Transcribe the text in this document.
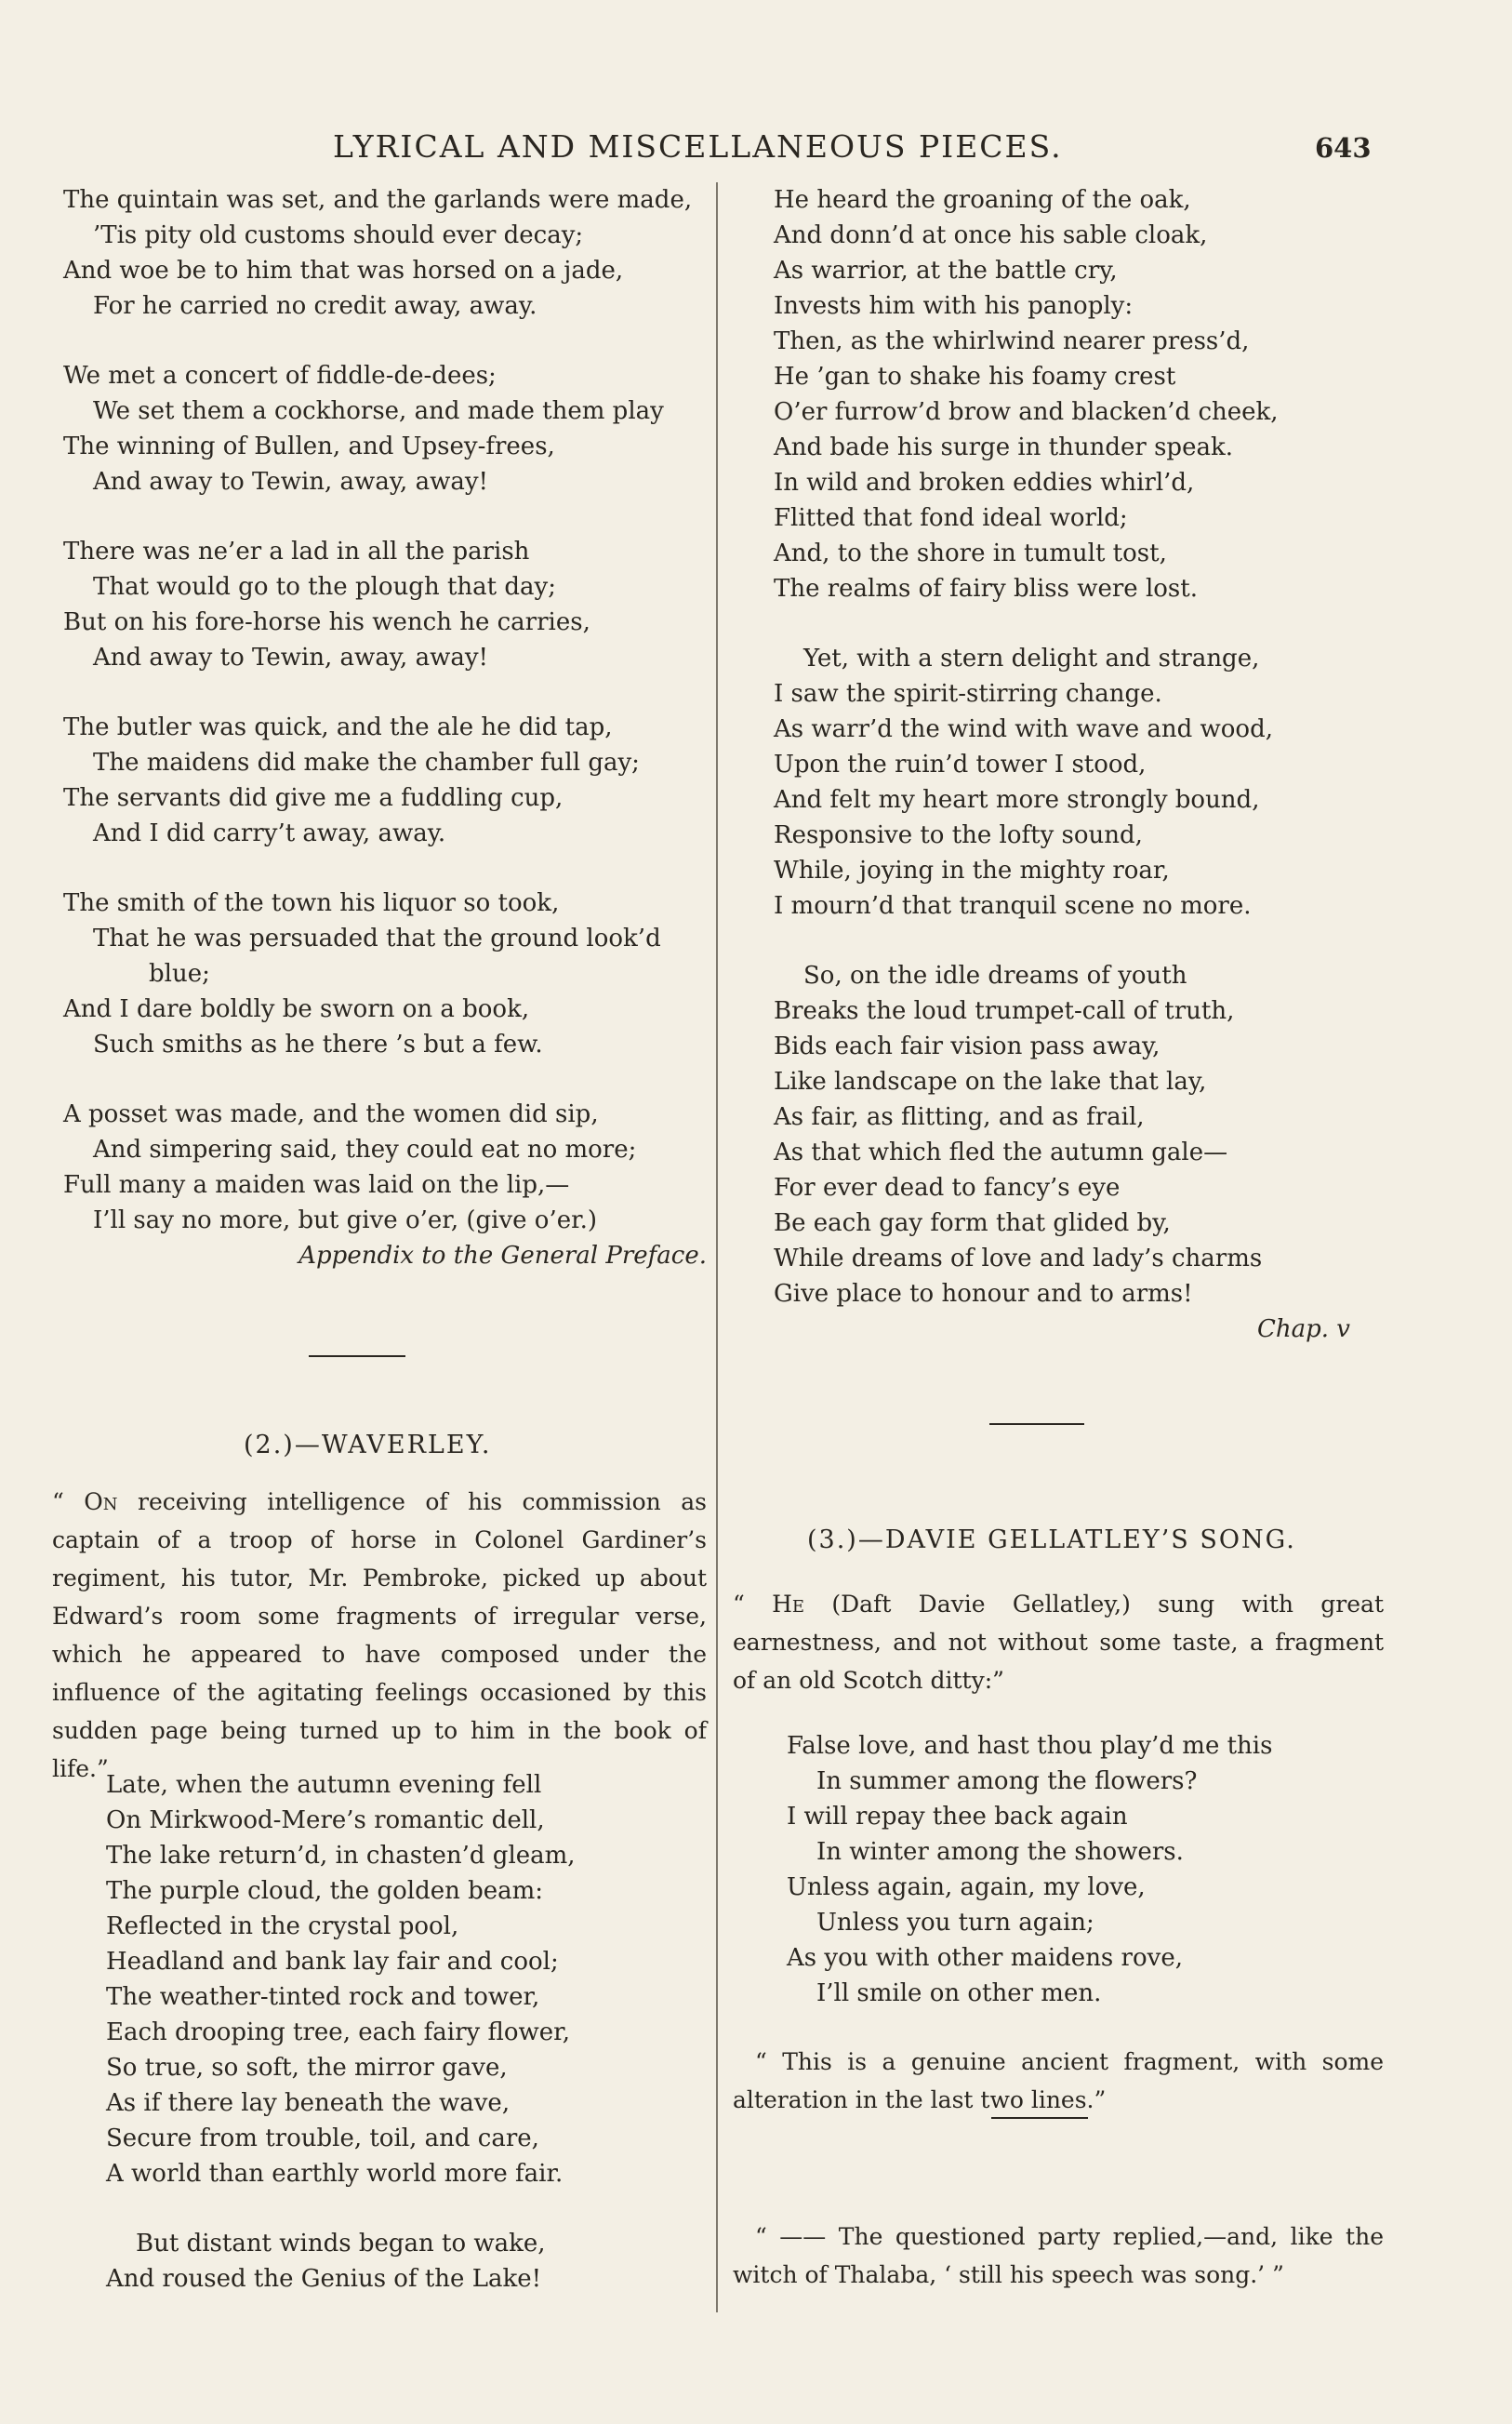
LYRICAL AND MISCELLANEOUS PIECES.	643
The quintain was set, and the garlands were made,
’Tis pity old customs should ever decay;
And woe be to him that was horsed on a jade,
For he carried no credit away, away.
We met a concert of fiddle-de-dees;
We set them a cockhorse, and made them play
The winning of Bullen, and Upsey-frees,
And away to Tewin, away, away!
There was ne’er a lad in all the parish
That would go to the plough that day;
But on his fore-horse his wench he carries,
And away to Tewin, away, away!
The butler was quick, and the ale he did tap,
The maidens did make the chamber full gay;
The servants did give me a fuddling cup,
And I did carry’t away, away.
The smith of the town his liquor so took,
That he was persuaded that the ground look’d
blue;
And I dare boldly be sworn on a book,
Such smiths as he there ’s but a few.
A posset was made, and the women did sip,
And simpering said, they could eat no more;
Full many a maiden was laid on the lip,—
I’ll say no more, but give o’er, (give o’er.)
Appendix to the General Preface.
(2.)—WAVERLEY.
“ On receiving intelligence of his commission as captain of a troop of horse in Colonel Gardiner’s regiment, his tutor, Mr. Pembroke, picked up about Edward’s room some fragments of irregular verse, which he appeared to have composed under the influence of the agitating feelings occasioned by this sudden page being turned up to him in the book of life.”
Late, when the autumn evening fell
On Mirkwood-Mere’s romantic dell,
The lake return’d, in chasten’d gleam,
The purple cloud, the golden beam:
Reflected in the crystal pool,
Headland and bank lay fair and cool;
The weather-tinted rock and tower,
Each drooping tree, each fairy flower,
So true, so soft, the mirror gave,
As if there lay beneath the wave,
Secure from trouble, toil, and care,
A world than earthly world more fair.
But distant winds began to wake,
And roused the Genius of the Lake!
He heard the groaning of the oak,
And donn’d at once his sable cloak,
As warrior, at the battle cry,
Invests him with his panoply:
Then, as the whirlwind nearer press’d,
He ’gan to shake his foamy crest
O’er furrow’d brow and blacken’d cheek,
And bade his surge in thunder speak.
In wild and broken eddies whirl’d,
Flitted that fond ideal world;
And, to the shore in tumult tost,
The realms of fairy bliss were lost.
Yet, with a stern delight and strange,
I saw the spirit-stirring change.
As warr’d the wind with wave and wood,
Upon the ruin’d tower I stood,
And felt my heart more strongly bound,
Responsive to the lofty sound,
While, joying in the mighty roar,
I mourn’d that tranquil scene no more.
So, on the idle dreams of youth
Breaks the loud trumpet-call of truth,
Bids each fair vision pass away,
Like landscape on the lake that lay,
As fair, as flitting, and as frail,
As that which fled the autumn gale—
For ever dead to fancy’s eye
Be each gay form that glided by,
While dreams of love and lady’s charms
Give place to honour and to arms!
Chap. v
(3.)—DAVIE GELLATLEY’S SONG.
“ He (Daft Davie Gellatley,) sung with great earnestness, and not without some taste, a fragment of an old Scotch ditty:”
False love, and hast thou play’d me this
In summer among the flowers?
I will repay thee back again
In winter among the showers.
Unless again, again, my love,
Unless you turn again;
As you with other maidens rove,
I’ll smile on other men.
“ This is a genuine ancient fragment, with some alteration in the last two lines.”
“ —— The questioned party replied,—and, like the witch of Thalaba, ‘ still his speech was song.’ ”
